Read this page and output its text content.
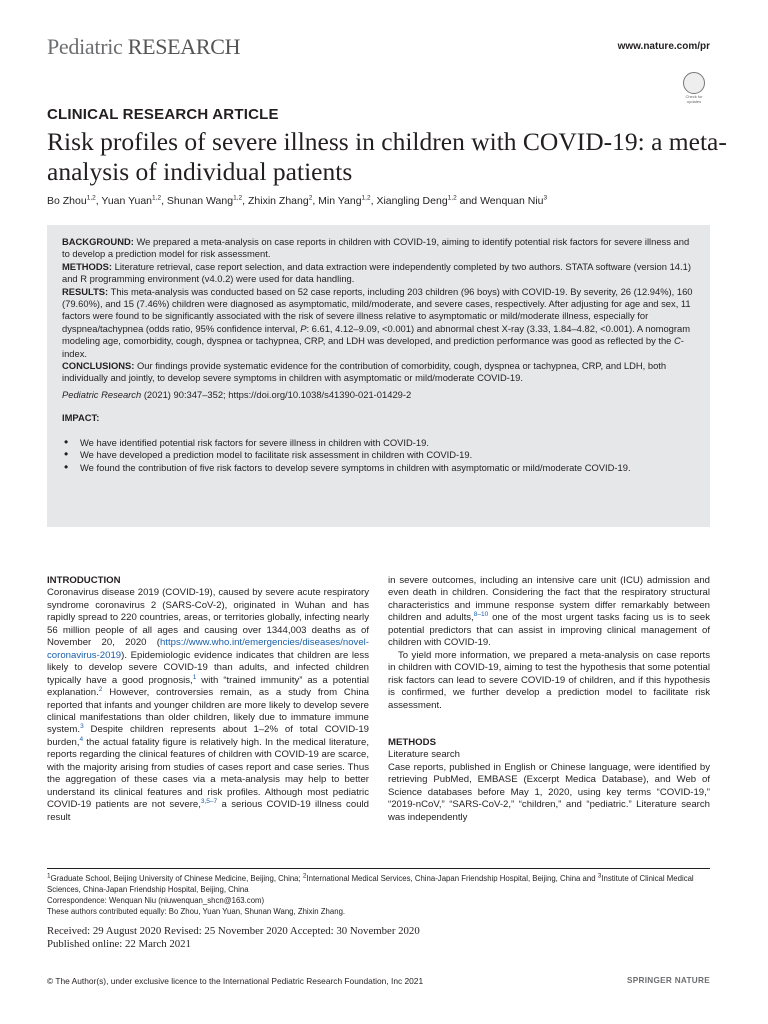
Pediatric RESEARCH	www.nature.com/pr
Check for updates
CLINICAL RESEARCH ARTICLE
Risk profiles of severe illness in children with COVID-19: a meta-analysis of individual patients
Bo Zhou$^{1,2}$, Yuan Yuan$^{1,2}$, Shunan Wang$^{1,2}$, Zhixin Zhang$^2$, Min Yang$^{1,2}$, Xiangling Deng$^{1,2}$ and Wenquan Niu$^3$

BACKGROUND: We prepared a meta-analysis on case reports in children with COVID-19, aiming to identify potential risk factors for severe illness and to develop a prediction model for risk assessment.

METHODS: Literature retrieval, case report selection, and data extraction were independently completed by two authors. STATA software (version 14.1) and R programming environment (v4.0.2) were used for data handling.

RESULTS: This meta-analysis was conducted based on 52 case reports, including 203 children (96 boys) with COVID-19. By severity, 26 (12.94%), 160 (79.60%), and 15 (7.46%) children were diagnosed as asymptomatic, mild/moderate, and severe cases, respectively. After adjusting for age and sex, 11 factors were found to be significantly associated with the risk of severe illness relative to asymptomatic or mild/moderate illness, especially for dyspnea/tachypnea (odds ratio, 95% confidence interval, P: 6.61, 4.12–9.09, <0.001) and abnormal chest X-ray (3.33, 1.84–4.82, <0.001). A nomogram modeling age, comorbidity, cough, dyspnea or tachypnea, CRP, and LDH was developed, and prediction performance was good as reflected by the C-index.

CONCLUSIONS: Our findings provide systematic evidence for the contribution of comorbidity, cough, dyspnea or tachypnea, CRP, and LDH, both individually and jointly, to develop severe symptoms in children with asymptomatic or mild/moderate COVID-19.

Pediatric Research (2021) 90:347–352; https://doi.org/10.1038/s41390-021-01429-2

IMPACT:

• We have identified potential risk factors for severe illness in children with COVID-19.
• We have developed a prediction model to facilitate risk assessment in children with COVID-19.
• We found the contribution of five risk factors to develop severe symptoms in children with asymptomatic or mild/moderate COVID-19.
INTRODUCTION

Coronavirus disease 2019 (COVID-19), caused by severe acute respiratory syndrome coronavirus 2 (SARS-CoV-2), originated in Wuhan and has rapidly spread to 220 countries, areas, or territories globally, infecting nearly 56 million people of all ages and causing over 1344,003 deaths as of November 20, 2020 (https://www.who.int/emergencies/diseases/novel-coronavirus-2019). Epidemiologic evidence indicates that children are less likely to develop severe COVID-19 than adults, and infected children typically have a good prognosis,$^1$ with “trained immunity” as a potential explanation.$^2$ However, controversies remain, as a study from China reported that infants and younger children are more likely to develop severe clinical manifestations than older children, likely due to immature immune system.$^3$ Despite children represents about 1–2% of total COVID-19 burden,$^4$ the actual fatality figure is relatively high. In the medical literature, reports regarding the clinical features of children with COVID-19 are scarce, with the majority arising from studies of cases report and case series. Thus the aggregation of these cases via a meta-analysis may help to better understand its clinical features and risk profiles. Although most pediatric COVID-19 patients are not severe,$^{3,5-7}$ a serious COVID-19 illness could result

in severe outcomes, including an intensive care unit (ICU) admission and even death in children. Considering the fact that the respiratory structural characteristics and immune response system differ remarkably between children and adults,$^{8-10}$ one of the most urgent tasks facing us is to seek potential predictors that can assist in improving clinical management of children with COVID-19.

To yield more information, we prepared a meta-analysis on case reports in children with COVID-19, aiming to test the hypothesis that some potential risk factors can lead to severe COVID-19 of children, and if this hypothesis is confirmed, we further develop a prediction model to facilitate risk assessment.

METHODS

Literature search

Case reports, published in English or Chinese language, were identified by retrieving PubMed, EMBASE (Excerpt Medica Database), and Web of Science databases before May 1, 2020, using key terms “COVID-19,” “2019-nCoV,” “SARS-CoV-2,” “children,” and “pediatric.” Literature search was independently

$^1$Graduate School, Beijing University of Chinese Medicine, Beijing, China; $^2$International Medical Services, China-Japan Friendship Hospital, Beijing, China and $^3$Institute of Clinical Medical Sciences, China-Japan Friendship Hospital, Beijing, China

Correspondence: Wenquan Niu (niuwenquan_shcn@163.com)

These authors contributed equally: Bo Zhou, Yuan Yuan, Shunan Wang, Zhixin Zhang.

Received: 29 August 2020 Revised: 25 November 2020 Accepted: 30 November 2020

Published online: 22 March 2021

© The Author(s), under exclusive licence to the International Pediatric Research Foundation, Inc 2021	SPRINGER NATURE
